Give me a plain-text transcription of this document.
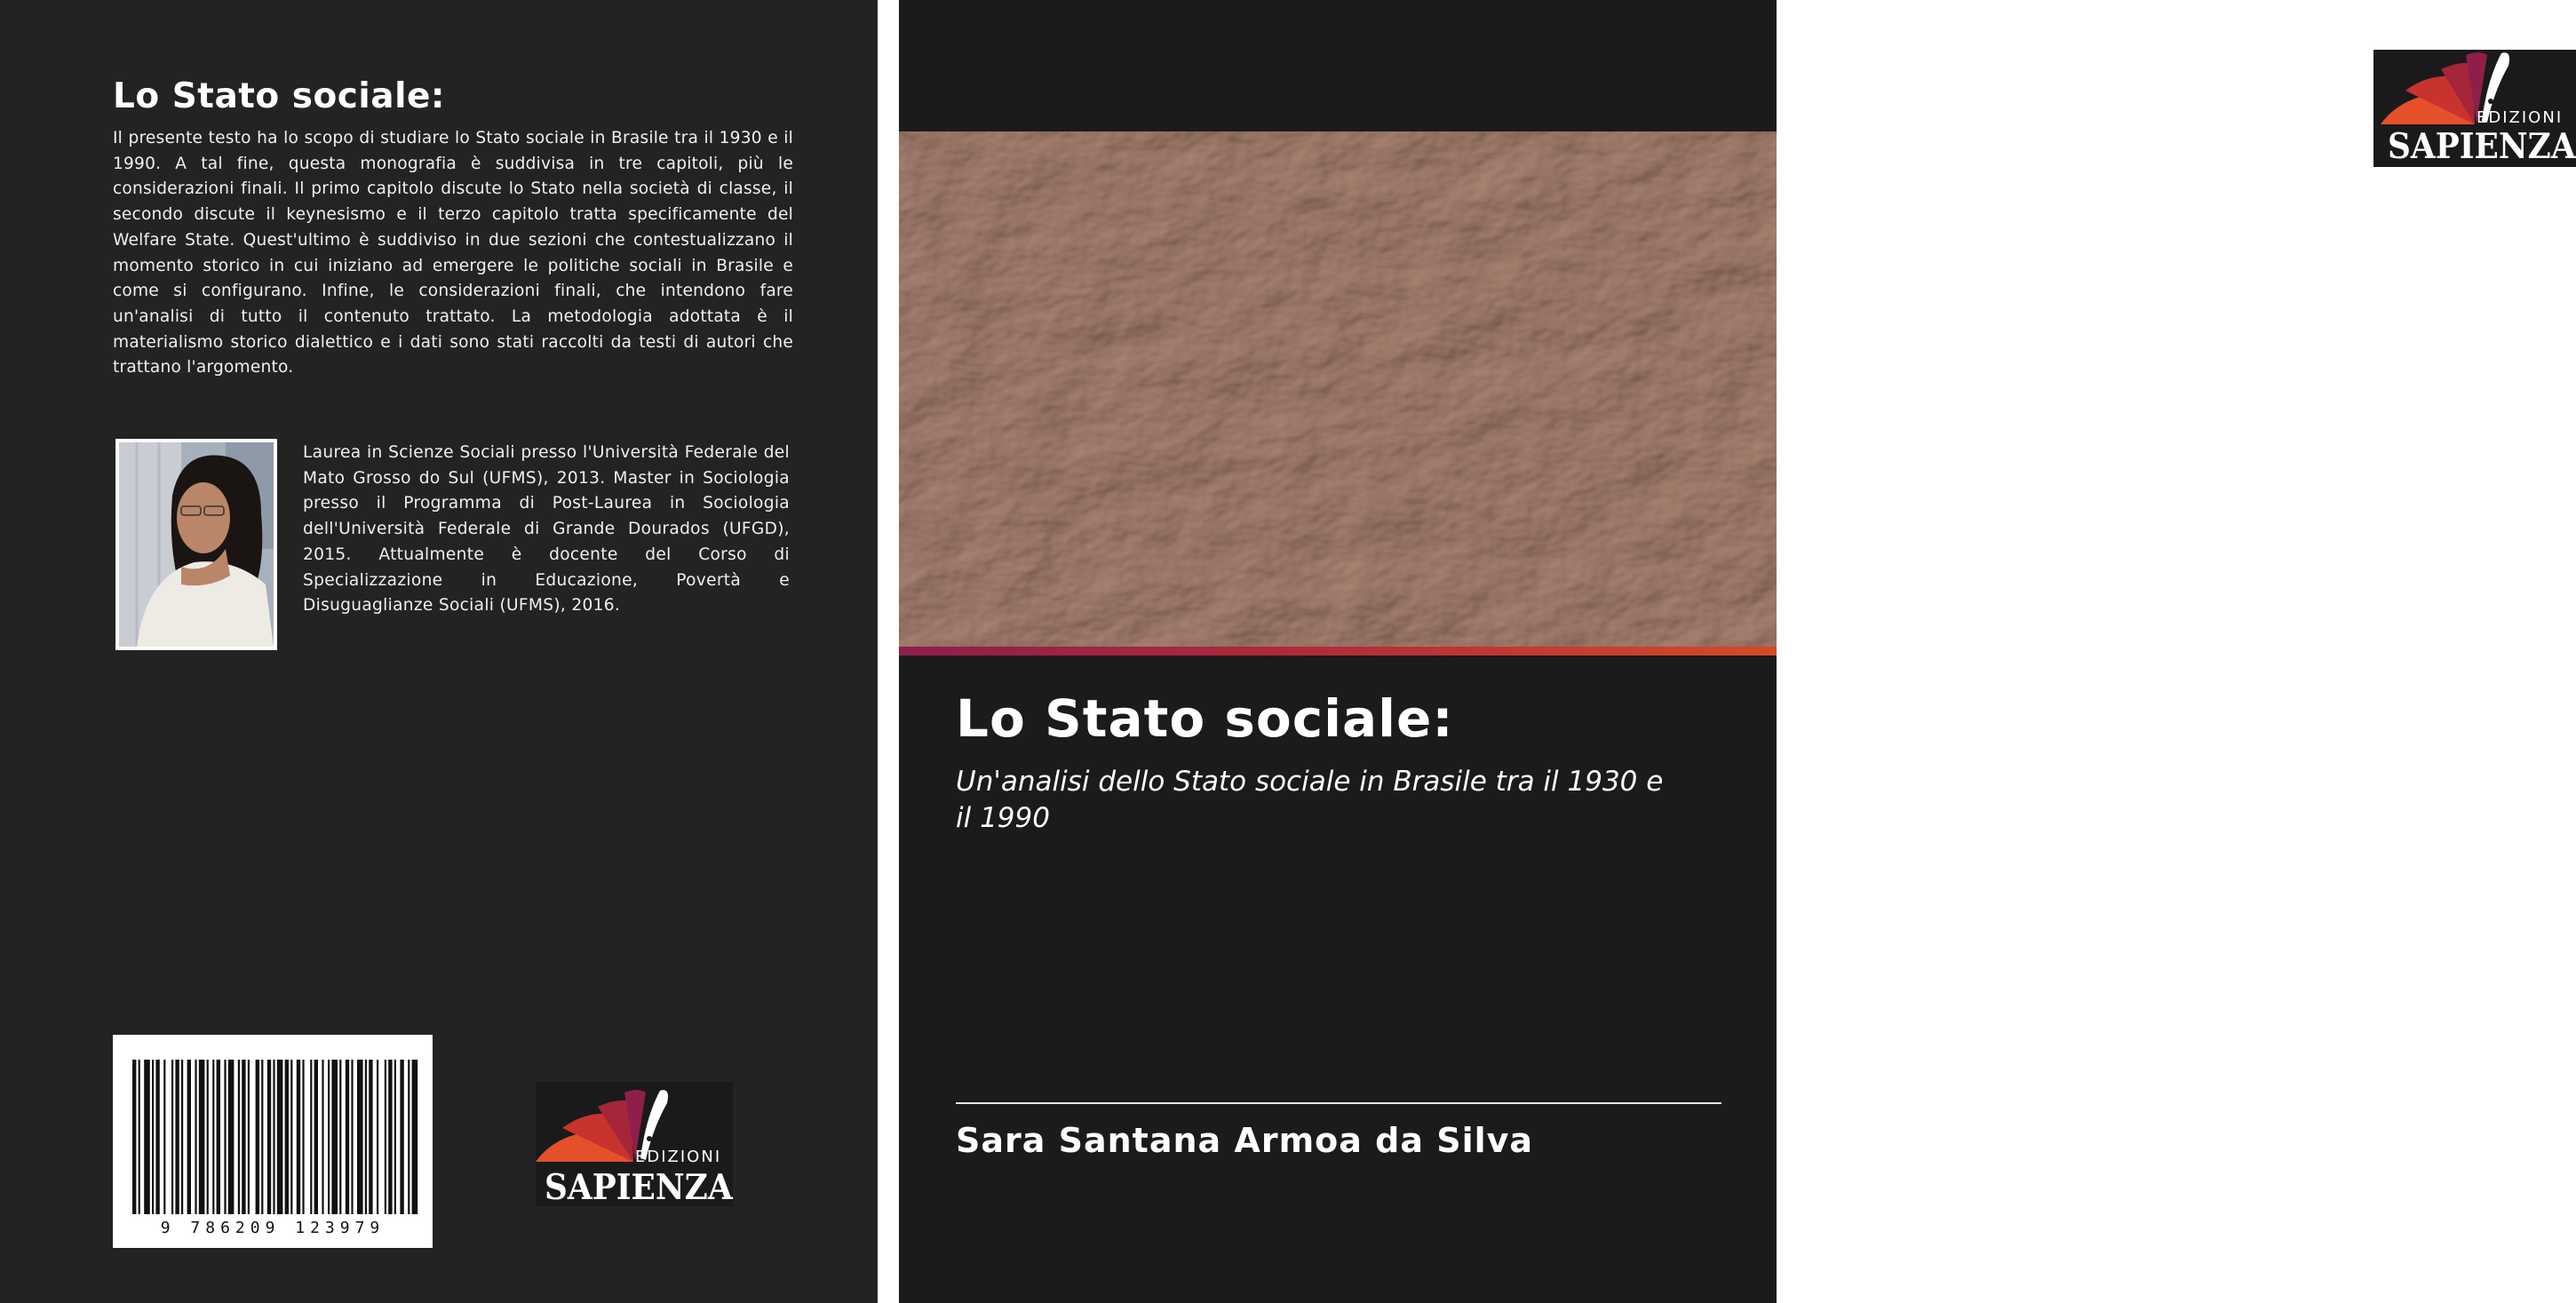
Lo Stato sociale:

Il presente testo ha lo scopo di studiare lo Stato sociale in Brasile tra il 1930 e il 1990. A tal fine, questa monografia è suddivisa in tre capitoli, più le considerazioni finali. Il primo capitolo discute lo Stato nella società di classe, il secondo discute il keynesismo e il terzo capitolo tratta specificamente del Welfare State. Quest'ultimo è suddiviso in due sezioni che contestualizzano il momento storico in cui iniziano ad emergere le politiche sociali in Brasile e come si configurano. Infine, le considerazioni finali, che intendono fare un'analisi di tutto il contenuto trattato. La metodologia adottata è il materialismo storico dialettico e i dati sono stati raccolti da testi di autori che trattano l'argomento.

Laurea in Scienze Sociali presso l'Università Federale del Mato Grosso do Sul (UFMS), 2013. Master in Sociologia presso il Programma di Post-Laurea in Sociologia dell'Università Federale di Grande Dourados (UFGD), 2015. Attualmente è docente del Corso di Specializzazione in Educazione, Povertà e Disuguaglianze Sociali (UFMS), 2016.

9 786209 123979
EDIZIONI
SAPIENZA
EDIZIONI
SAPIENZA
Lo Stato sociale:

Un'analisi dello Stato sociale in Brasile tra il 1930 e il 1990

Sara Santana Armoa da Silva
